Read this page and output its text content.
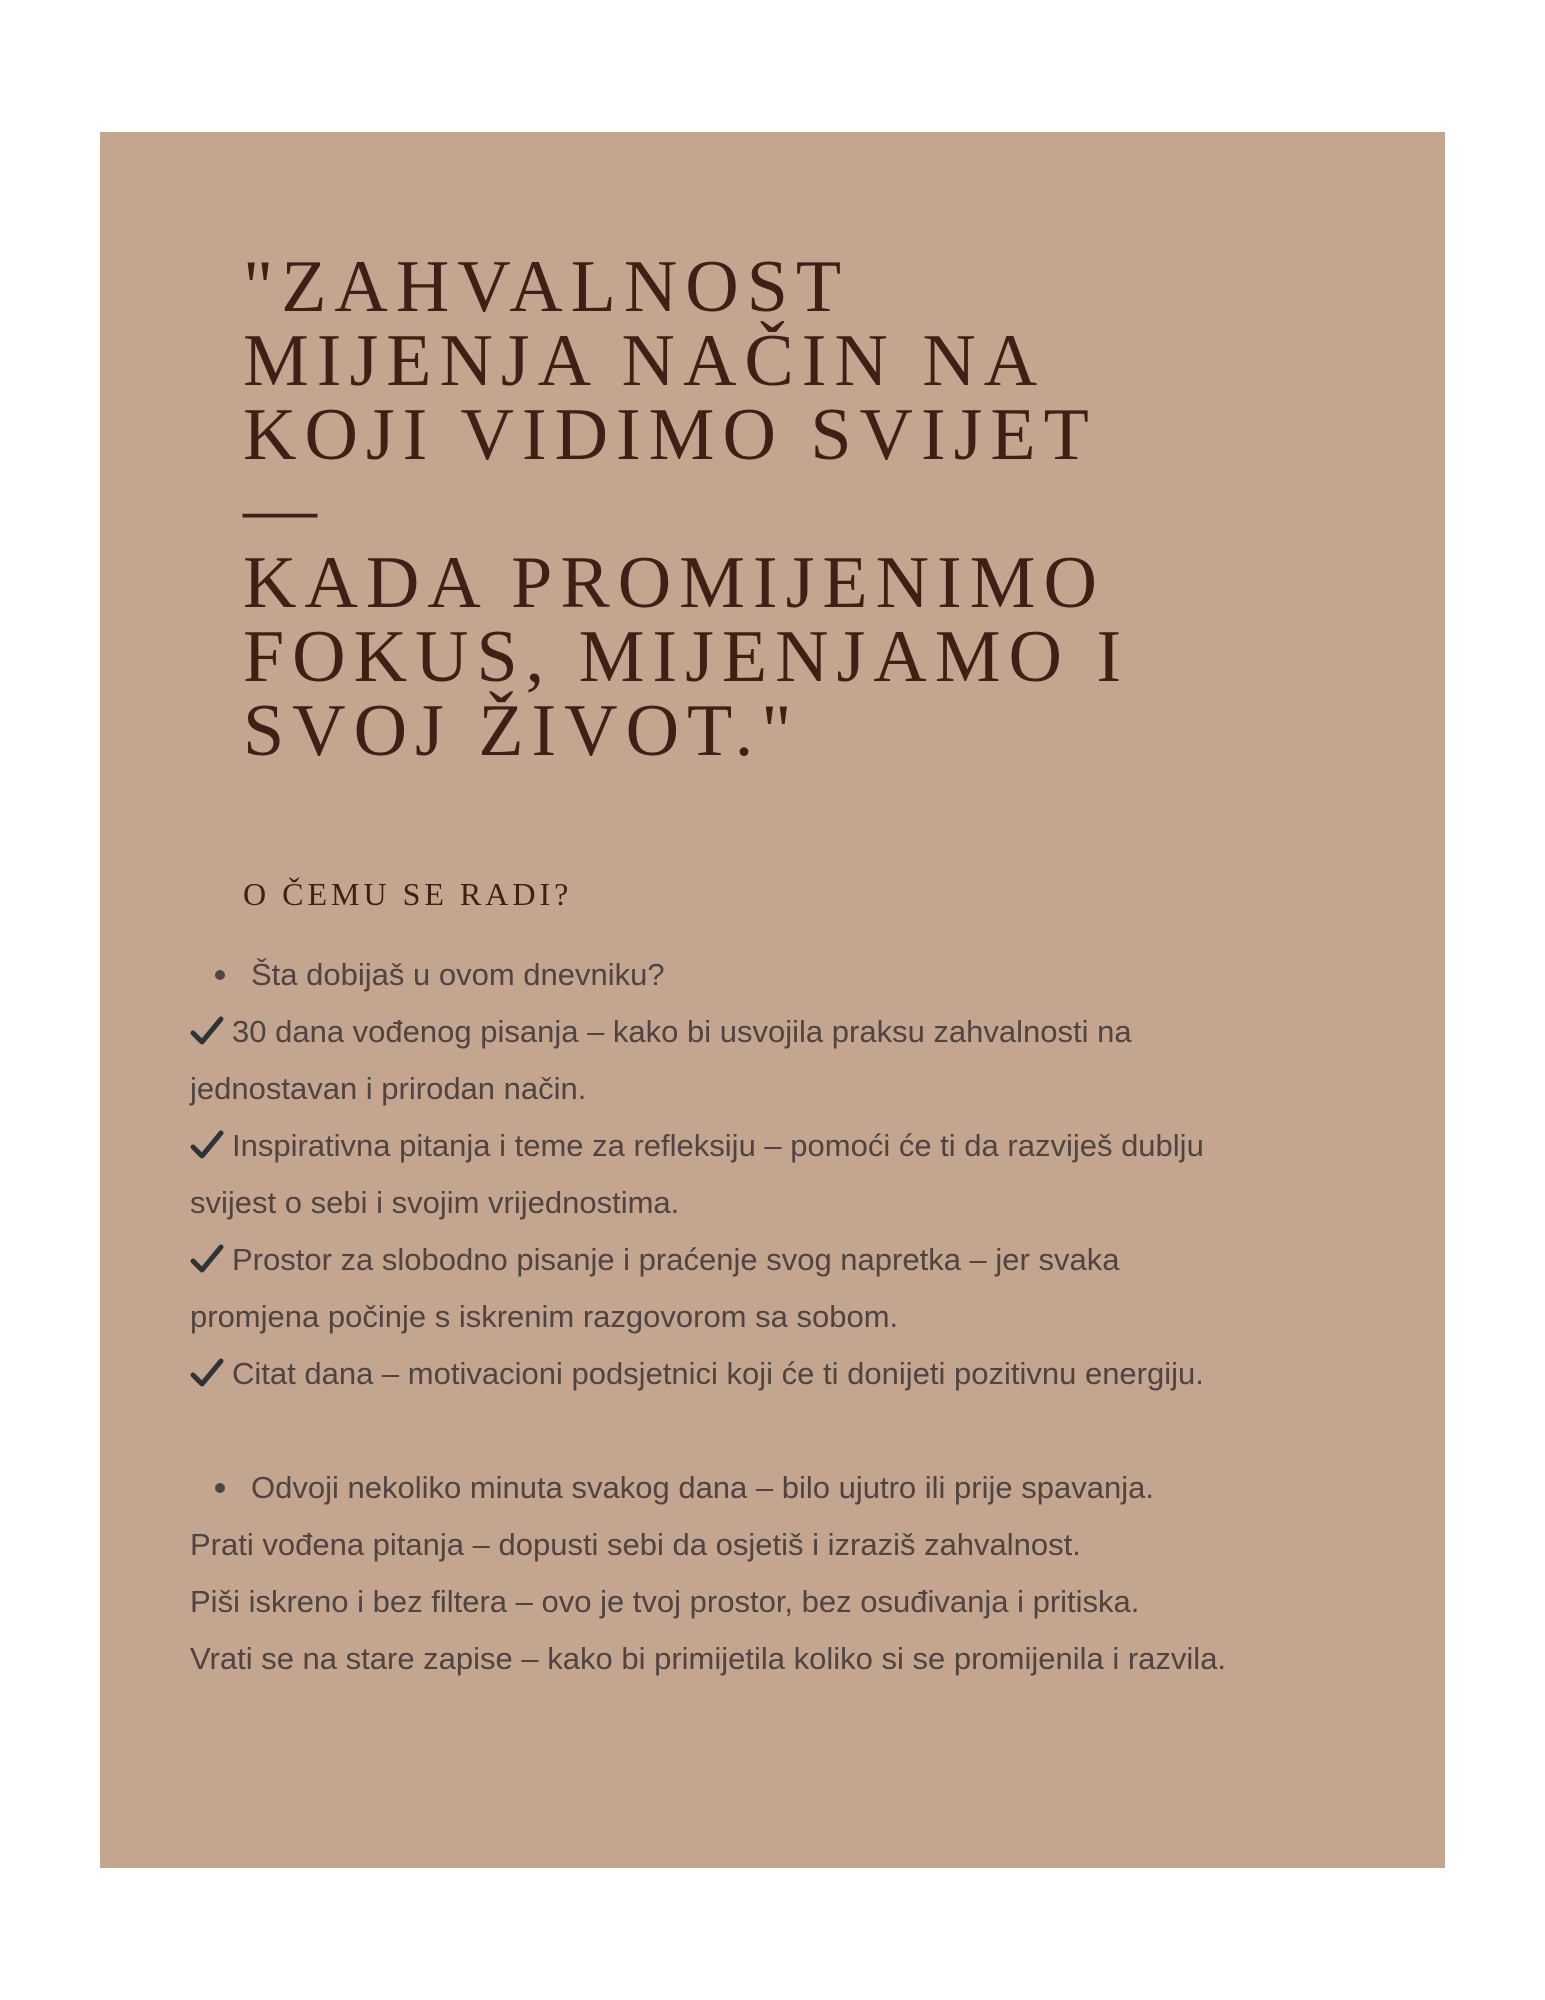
"ZAHVALNOST
MIJENJA NAČIN NA
KOJI VIDIMO SVIJET
—
KADA PROMIJENIMO
FOKUS, MIJENJAMO I
SVOJ ŽIVOT."
O ČEMU SE RADI?
Šta dobijaš u ovom dnevniku?
30 dana vođenog pisanja – kako bi usvojila praksu zahvalnosti na
jednostavan i prirodan način.
Inspirativna pitanja i teme za refleksiju – pomoći će ti da razviješ dublju
svijest o sebi i svojim vrijednostima.
Prostor za slobodno pisanje i praćenje svog napretka – jer svaka
promjena počinje s iskrenim razgovorom sa sobom.
Citat dana – motivacioni podsjetnici koji će ti donijeti pozitivnu energiju.
Odvoji nekoliko minuta svakog dana – bilo ujutro ili prije spavanja.
Prati vođena pitanja – dopusti sebi da osjetiš i izraziš zahvalnost.
Piši iskreno i bez filtera – ovo je tvoj prostor, bez osuđivanja i pritiska.
Vrati se na stare zapise – kako bi primijetila koliko si se promijenila i razvila.
